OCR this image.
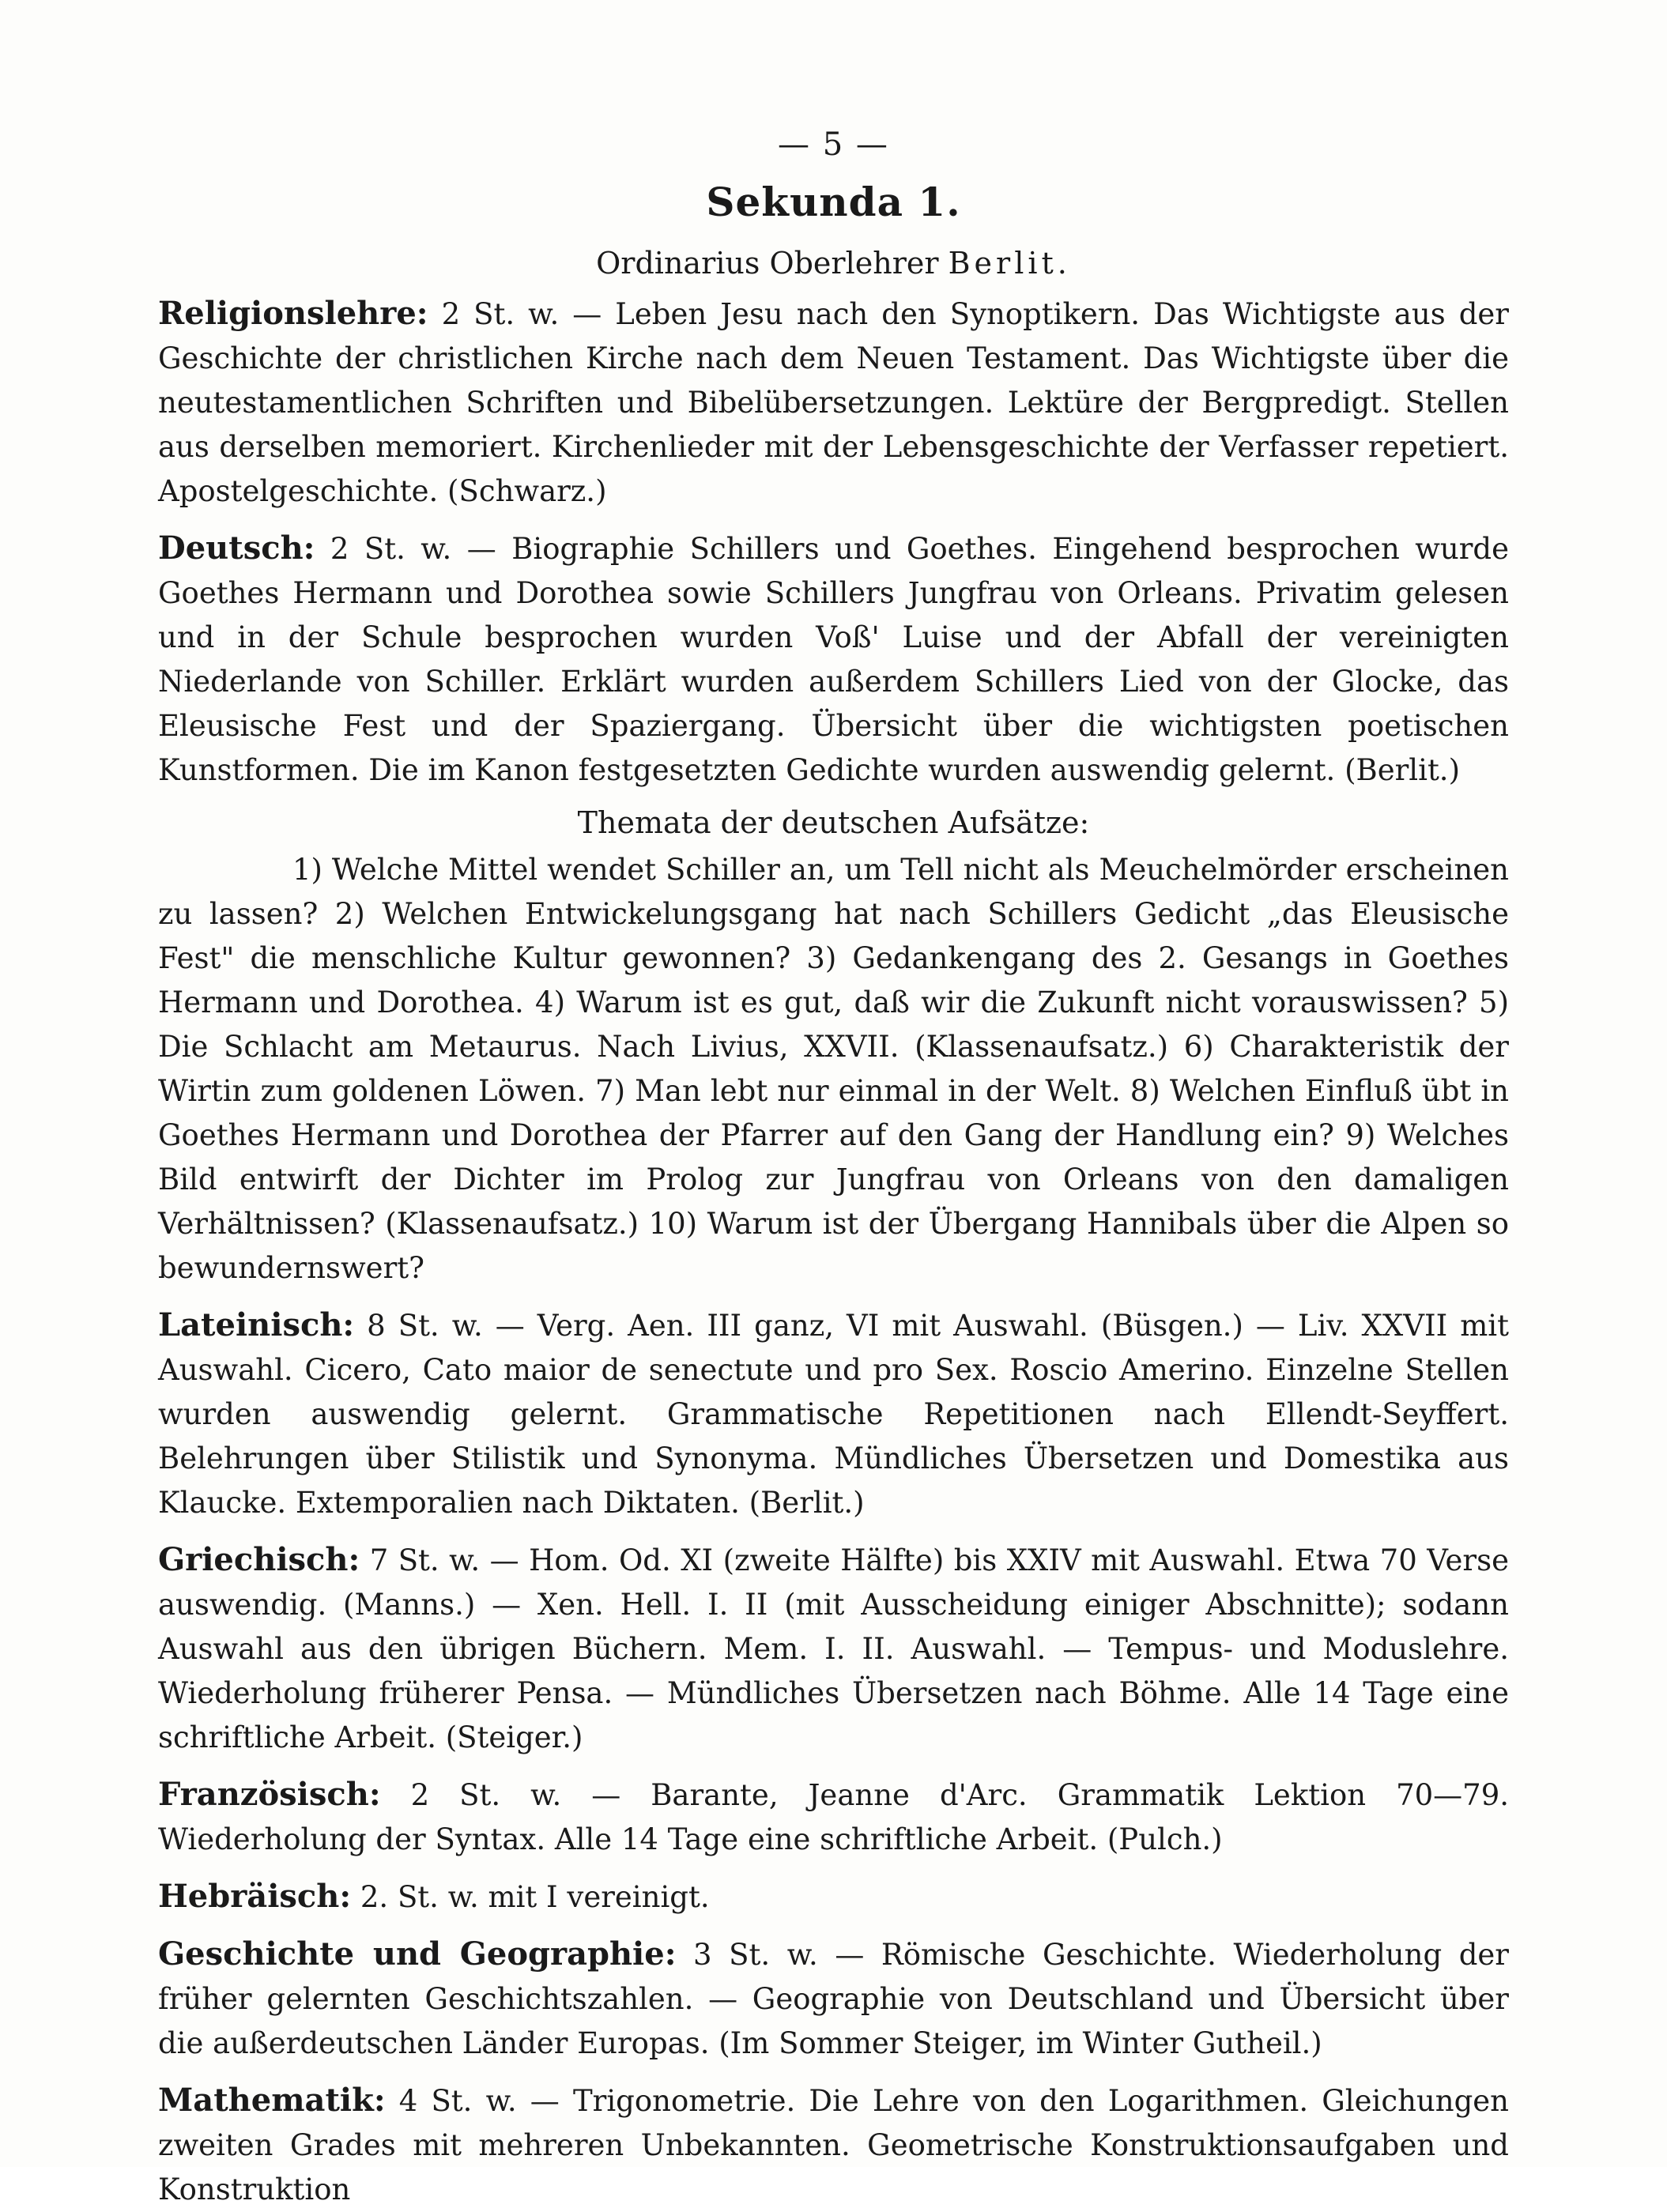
— 5 —
Sekunda 1.
Ordinarius Oberlehrer Berlit.

Religionslehre: 2 St. w. — Leben Jesu nach den Synoptikern. Das Wichtigste aus der Geschichte der christlichen Kirche nach dem Neuen Testament. Das Wichtigste über die neutestamentlichen Schriften und Bibelübersetzungen. Lektüre der Bergpredigt. Stellen aus derselben memoriert. Kirchenlieder mit der Lebensgeschichte der Verfasser repetiert. Apostelgeschichte. (Schwarz.)

Deutsch: 2 St. w. — Biographie Schillers und Goethes. Eingehend besprochen wurde Goethes Hermann und Dorothea sowie Schillers Jungfrau von Orleans. Privatim gelesen und in der Schule besprochen wurden Voß' Luise und der Abfall der vereinigten Niederlande von Schiller. Erklärt wurden außerdem Schillers Lied von der Glocke, das Eleusische Fest und der Spaziergang. Übersicht über die wichtigsten poetischen Kunstformen. Die im Kanon festgesetzten Gedichte wurden auswendig gelernt. (Berlit.)

Themata der deutschen Aufsätze:

1) Welche Mittel wendet Schiller an, um Tell nicht als Meuchelmörder erscheinen zu lassen? 2) Welchen Entwickelungsgang hat nach Schillers Gedicht „das Eleusische Fest" die menschliche Kultur gewonnen? 3) Gedankengang des 2. Gesangs in Goethes Hermann und Dorothea. 4) Warum ist es gut, daß wir die Zukunft nicht vorauswissen? 5) Die Schlacht am Metaurus. Nach Livius, XXVII. (Klassenaufsatz.) 6) Charakteristik der Wirtin zum goldenen Löwen. 7) Man lebt nur einmal in der Welt. 8) Welchen Einfluß übt in Goethes Hermann und Dorothea der Pfarrer auf den Gang der Handlung ein? 9) Welches Bild entwirft der Dichter im Prolog zur Jungfrau von Orleans von den damaligen Verhältnissen? (Klassenaufsatz.) 10) Warum ist der Übergang Hannibals über die Alpen so bewundernswert?

Lateinisch: 8 St. w. — Verg. Aen. III ganz, VI mit Auswahl. (Büsgen.) — Liv. XXVII mit Auswahl. Cicero, Cato maior de senectute und pro Sex. Roscio Amerino. Einzelne Stellen wurden auswendig gelernt. Grammatische Repetitionen nach Ellendt-Seyffert. Belehrungen über Stilistik und Synonyma. Mündliches Übersetzen und Domestika aus Klaucke. Extemporalien nach Diktaten. (Berlit.)

Griechisch: 7 St. w. — Hom. Od. XI (zweite Hälfte) bis XXIV mit Auswahl. Etwa 70 Verse auswendig. (Manns.) — Xen. Hell. I. II (mit Ausscheidung einiger Abschnitte); sodann Auswahl aus den übrigen Büchern. Mem. I. II. Auswahl. — Tempus- und Moduslehre. Wiederholung früherer Pensa. — Mündliches Übersetzen nach Böhme. Alle 14 Tage eine schriftliche Arbeit. (Steiger.)

Französisch: 2 St. w. — Barante, Jeanne d'Arc. Grammatik Lektion 70—79. Wiederholung der Syntax. Alle 14 Tage eine schriftliche Arbeit. (Pulch.)

Hebräisch: 2. St. w. mit I vereinigt.

Geschichte und Geographie: 3 St. w. — Römische Geschichte. Wiederholung der früher gelernten Geschichtszahlen. — Geographie von Deutschland und Übersicht über die außerdeutschen Länder Europas. (Im Sommer Steiger, im Winter Gutheil.)

Mathematik: 4 St. w. — Trigonometrie. Die Lehre von den Logarithmen. Gleichungen zweiten Grades mit mehreren Unbekannten. Geometrische Konstruktionsaufgaben und Konstruktion
